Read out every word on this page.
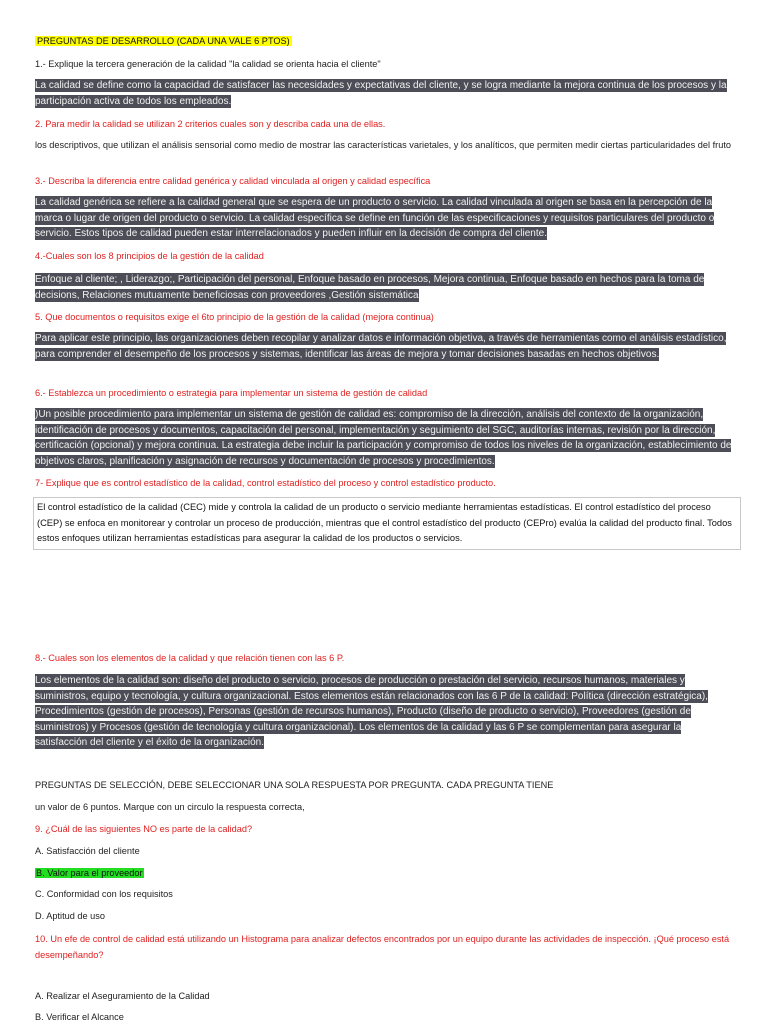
PREGUNTAS DE DESARROLLO (CADA UNA VALE 6 PTOS)
1.- Explique la tercera generación de la calidad "la calidad se orienta hacia el cliente"
La calidad se define como la capacidad de satisfacer las necesidades y expectativas del cliente, y se logra mediante la mejora continua de los procesos y la participación activa de todos los empleados.
2. Para medir la calidad se utilizan 2 criterios cuales son y describa cada una de ellas.
los descriptivos, que utilizan el análisis sensorial como medio de mostrar las características varietales, y los analíticos, que permiten medir ciertas particularidades del fruto
3.- Describa la diferencia entre calidad genérica y calidad vinculada al origen y calidad específica
La calidad genérica se refiere a la calidad general que se espera de un producto o servicio. La calidad vinculada al origen se basa en la percepción de la marca o lugar de origen del producto o servicio. La calidad específica se define en función de las especificaciones y requisitos particulares del producto o servicio. Estos tipos de calidad pueden estar interrelacionados y pueden influir en la decisión de compra del cliente.
4.-Cuales son los 8 principios de la gestión de la calidad
Enfoque al cliente; , Liderazgo;, Participación del personal, Enfoque basado en procesos, Mejora continua, Enfoque basado en hechos para la toma de decisions, Relaciones mutuamente beneficiosas con proveedores ,Gestión sistemática
5. Que documentos o requisitos exige el 6to principio de la gestión de la calidad (mejora continua)
Para aplicar este principio, las organizaciones deben recopilar y analizar datos e información objetiva, a través de herramientas como el análisis estadístico, para comprender el desempeño de los procesos y sistemas, identificar las áreas de mejora y tomar decisiones basadas en hechos objetivos.
6.- Establezca un procedimiento o estrategia para implementar un sistema de gestión de calidad
)Un posible procedimiento para implementar un sistema de gestión de calidad es: compromiso de la dirección, análisis del contexto de la organización, identificación de procesos y documentos, capacitación del personal, implementación y seguimiento del SGC, auditorías internas, revisión por la dirección, certificación (opcional) y mejora continua. La estrategia debe incluir la participación y compromiso de todos los niveles de la organización, establecimiento de objetivos claros, planificación y asignación de recursos y documentación de procesos y procedimientos.
7- Explique que es control estadístico de la calidad, control estadístico del proceso y control estadístico producto.
El control estadístico de la calidad (CEC) mide y controla la calidad de un producto o servicio mediante herramientas estadísticas. El control estadístico del proceso (CEP) se enfoca en monitorear y controlar un proceso de producción, mientras que el control estadístico del producto (CEPro) evalúa la calidad del producto final. Todos estos enfoques utilizan herramientas estadísticas para asegurar la calidad de los productos o servicios.
8.- Cuales son los elementos de la calidad y que relación tienen con las 6 P.
Los elementos de la calidad son: diseño del producto o servicio, procesos de producción o prestación del servicio, recursos humanos, materiales y suministros, equipo y tecnología, y cultura organizacional. Estos elementos están relacionados con las 6 P de la calidad: Política (dirección estratégica), Procedimientos (gestión de procesos), Personas (gestión de recursos humanos), Producto (diseño de producto o servicio), Proveedores (gestión de suministros) y Procesos (gestión de tecnología y cultura organizacional). Los elementos de la calidad y las 6 P se complementan para asegurar la satisfacción del cliente y el éxito de la organización.
PREGUNTAS DE SELECCIÓN, DEBE SELECCIONAR UNA SOLA RESPUESTA POR PREGUNTA. CADA PREGUNTA TIENE
un valor de 6 puntos. Marque con un circulo la respuesta correcta,
9. ¿Cuál de las siguientes NO es parte de la calidad?
A. Satisfacción del cliente
B. Valor para el proveedor
C. Conformidad con los requisitos
D. Aptitud de uso
10. Un efe de control de calidad está utilizando un Histograma para analizar defectos encontrados por un equipo durante las actividades de inspección. ¡Qué proceso está desempeñando?
A. Realizar el Aseguramiento de la Calidad
B. Verificar el Alcance
